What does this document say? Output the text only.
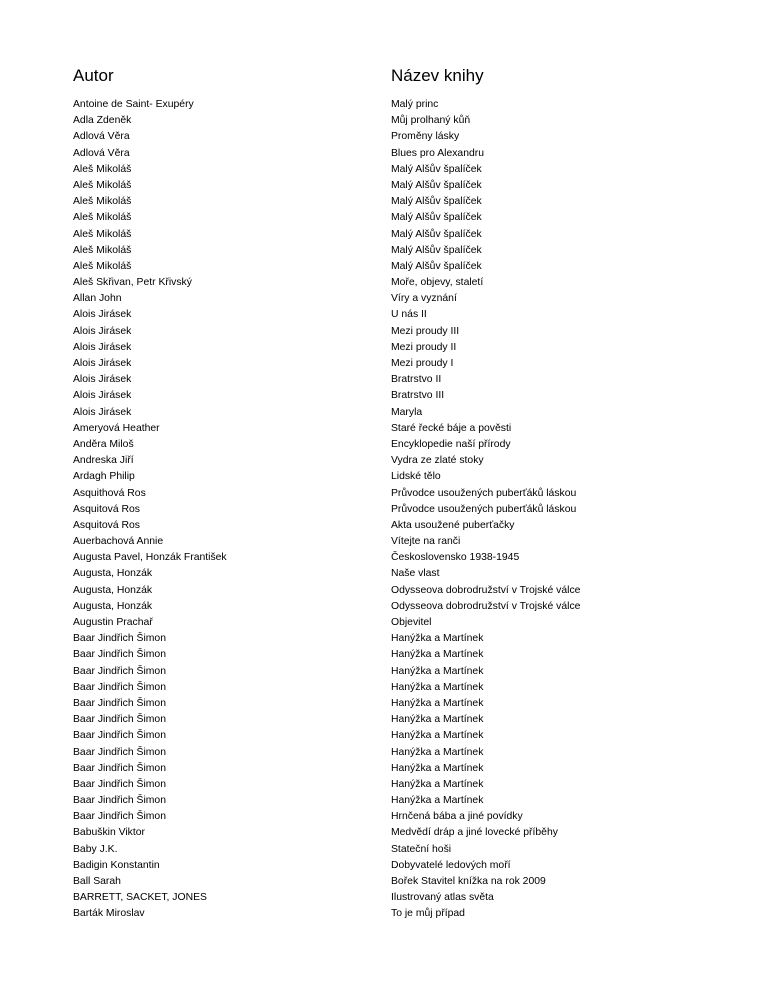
Autor	Název knihy
Antoine de Saint- Exupéry	Malý princ
Adla Zdeněk	Můj prolhaný kůň
Adlová Věra	Proměny lásky
Adlová Věra	Blues pro Alexandru
Aleš Mikoláš	Malý Alšův špalíček
Aleš Mikoláš	Malý Alšův špalíček
Aleš Mikoláš	Malý Alšův špalíček
Aleš Mikoláš	Malý Alšův špalíček
Aleš Mikoláš	Malý Alšův špalíček
Aleš Mikoláš	Malý Alšův špalíček
Aleš Mikoláš	Malý Alšův špalíček
Aleš Skřivan, Petr Křivský	Moře, objevy, staletí
Allan John	Víry a vyznání
Alois Jirásek	U nás II
Alois Jirásek	Mezi proudy III
Alois Jirásek	Mezi proudy II
Alois Jirásek	Mezi proudy I
Alois Jirásek	Bratrstvo II
Alois Jirásek	Bratrstvo III
Alois Jirásek	Maryla
Ameryová Heather	Staré řecké báje a pověsti
Anděra Miloš	Encyklopedie naší přírody
Andreska Jiří	Vydra ze zlaté stoky
Ardagh Philip	Lidské tělo
Asquithová Ros	Průvodce usoužených puberťáků láskou
Asquitová Ros	Průvodce usoužených puberťáků láskou
Asquitová Ros	Akta usoužené puberťačky
Auerbachová Annie	Vítejte na ranči
Augusta Pavel, Honzák František	Československo 1938-1945
Augusta, Honzák	Naše vlast
Augusta, Honzák	Odysseova dobrodružství v Trojské válce
Augusta, Honzák	Odysseova dobrodružství v Trojské válce
Augustin Prachař	Objevitel
Baar Jindřich Šimon	Hanýžka a Martínek
Baar Jindřich Šimon	Hanýžka a Martínek
Baar Jindřich Šimon	Hanýžka a Martínek
Baar Jindřich Šimon	Hanýžka a Martínek
Baar Jindřich Šimon	Hanýžka a Martínek
Baar Jindřich Šimon	Hanýžka a Martínek
Baar Jindřich Šimon	Hanýžka a Martínek
Baar Jindřich Šimon	Hanýžka a Martínek
Baar Jindřich Šimon	Hanýžka a Martínek
Baar Jindřich Šimon	Hanýžka a Martínek
Baar Jindřich Šimon	Hanýžka a Martínek
Baar Jindřich Šimon	Hrnčená bába a jiné povídky
Babuškin Viktor	Medvědí dráp a jiné lovecké příběhy
Baby J.K.	Stateční hoši
Badigin Konstantin	Dobyvatelé ledových moří
Ball Sarah	Bořek Stavitel knížka na rok 2009
BARRETT, SACKET, JONES	Ilustrovaný atlas světa
Barták Miroslav	To je můj případ
